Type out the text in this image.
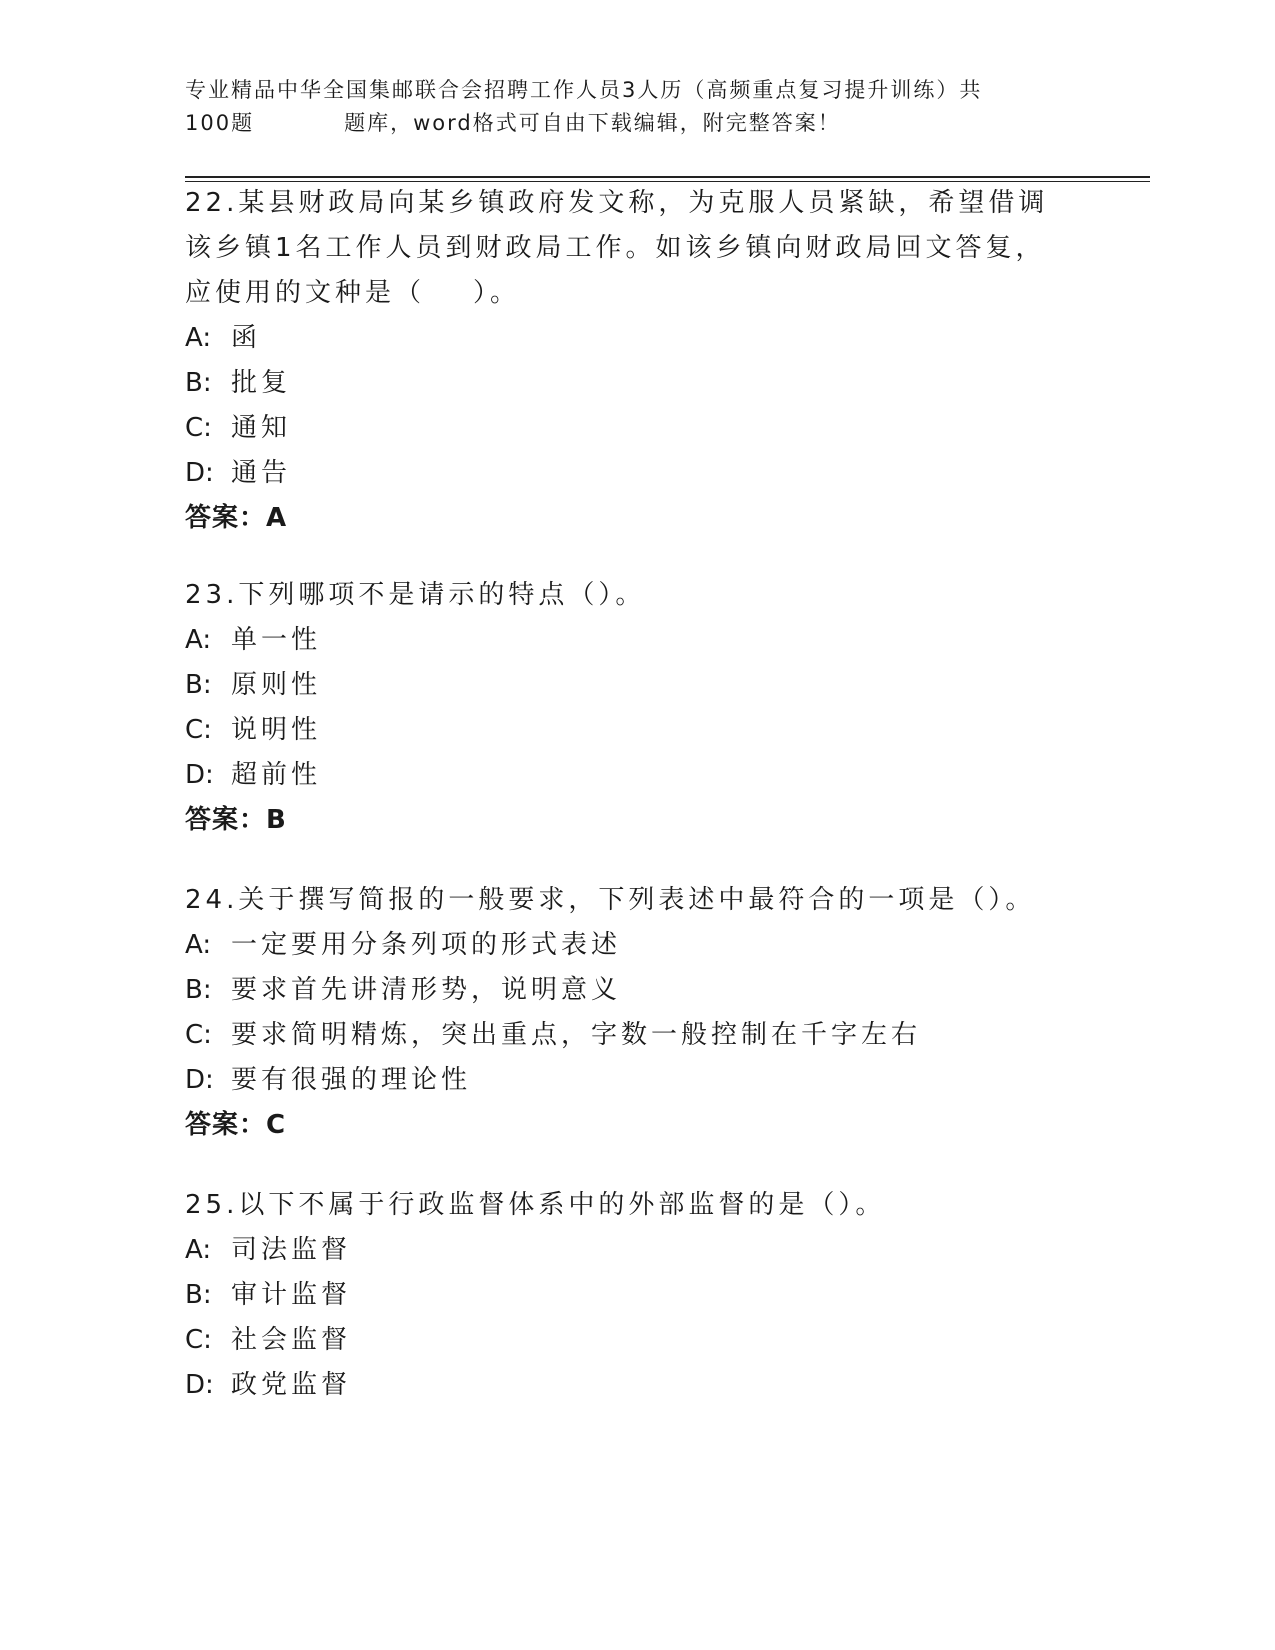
专业精品中华全国集邮联合会招聘工作人员3人历（高频重点复习提升训练）共
100题	题库，word格式可自由下载编辑，附完整答案！
22.某县财政局向某乡镇政府发文称，为克服人员紧缺，希望借调该乡镇1名工作人员到财政局工作。如该乡镇向财政局回文答复，应使用的文种是（ ）。
A: 函
B: 批复
C: 通知
D: 通告
答案：A
23.下列哪项不是请示的特点（）。
A: 单一性
B: 原则性
C: 说明性
D: 超前性
答案：B
24.关于撰写简报的一般要求，下列表述中最符合的一项是（）。
A: 一定要用分条列项的形式表述
B: 要求首先讲清形势，说明意义
C: 要求简明精炼，突出重点，字数一般控制在千字左右
D: 要有很强的理论性
答案：C
25.以下不属于行政监督体系中的外部监督的是（）。
A: 司法监督
B: 审计监督
C: 社会监督
D: 政党监督
